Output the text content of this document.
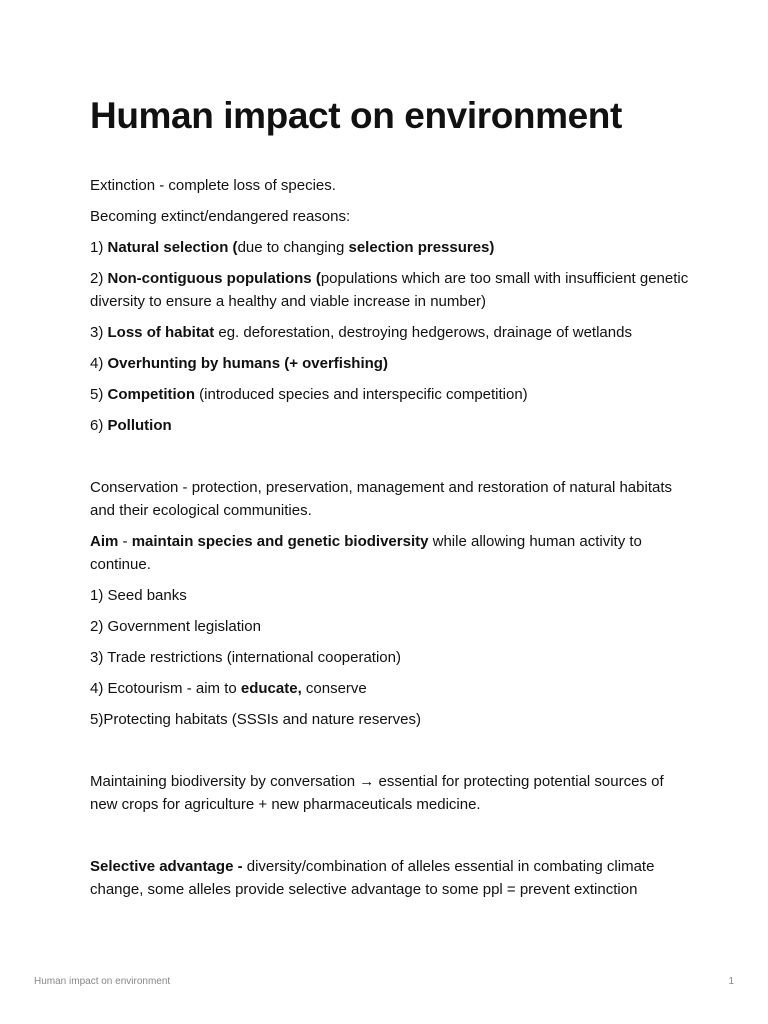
Human impact on environment

Extinction - complete loss of species.

Becoming extinct/endangered reasons:

1) Natural selection (due to changing selection pressures)

2) Non-contiguous populations (populations which are too small with insufficient genetic diversity to ensure a healthy and viable increase in number)

3) Loss of habitat eg. deforestation, destroying hedgerows, drainage of wetlands

4) Overhunting by humans (+ overfishing)

5) Competition (introduced species and interspecific competition)

6) Pollution

Conservation - protection, preservation, management and restoration of natural habitats and their ecological communities.

Aim - maintain species and genetic biodiversity while allowing human activity to continue.

1) Seed banks

2) Government legislation

3) Trade restrictions (international cooperation)

4) Ecotourism - aim to educate, conserve

5)Protecting habitats (SSSIs and nature reserves)

Maintaining biodiversity by conversation → essential for protecting potential sources of new crops for agriculture + new pharmaceuticals medicine.

Selective advantage - diversity/combination of alleles essential in combating climate change, some alleles provide selective advantage to some ppl = prevent extinction

Human impact on environment	1
